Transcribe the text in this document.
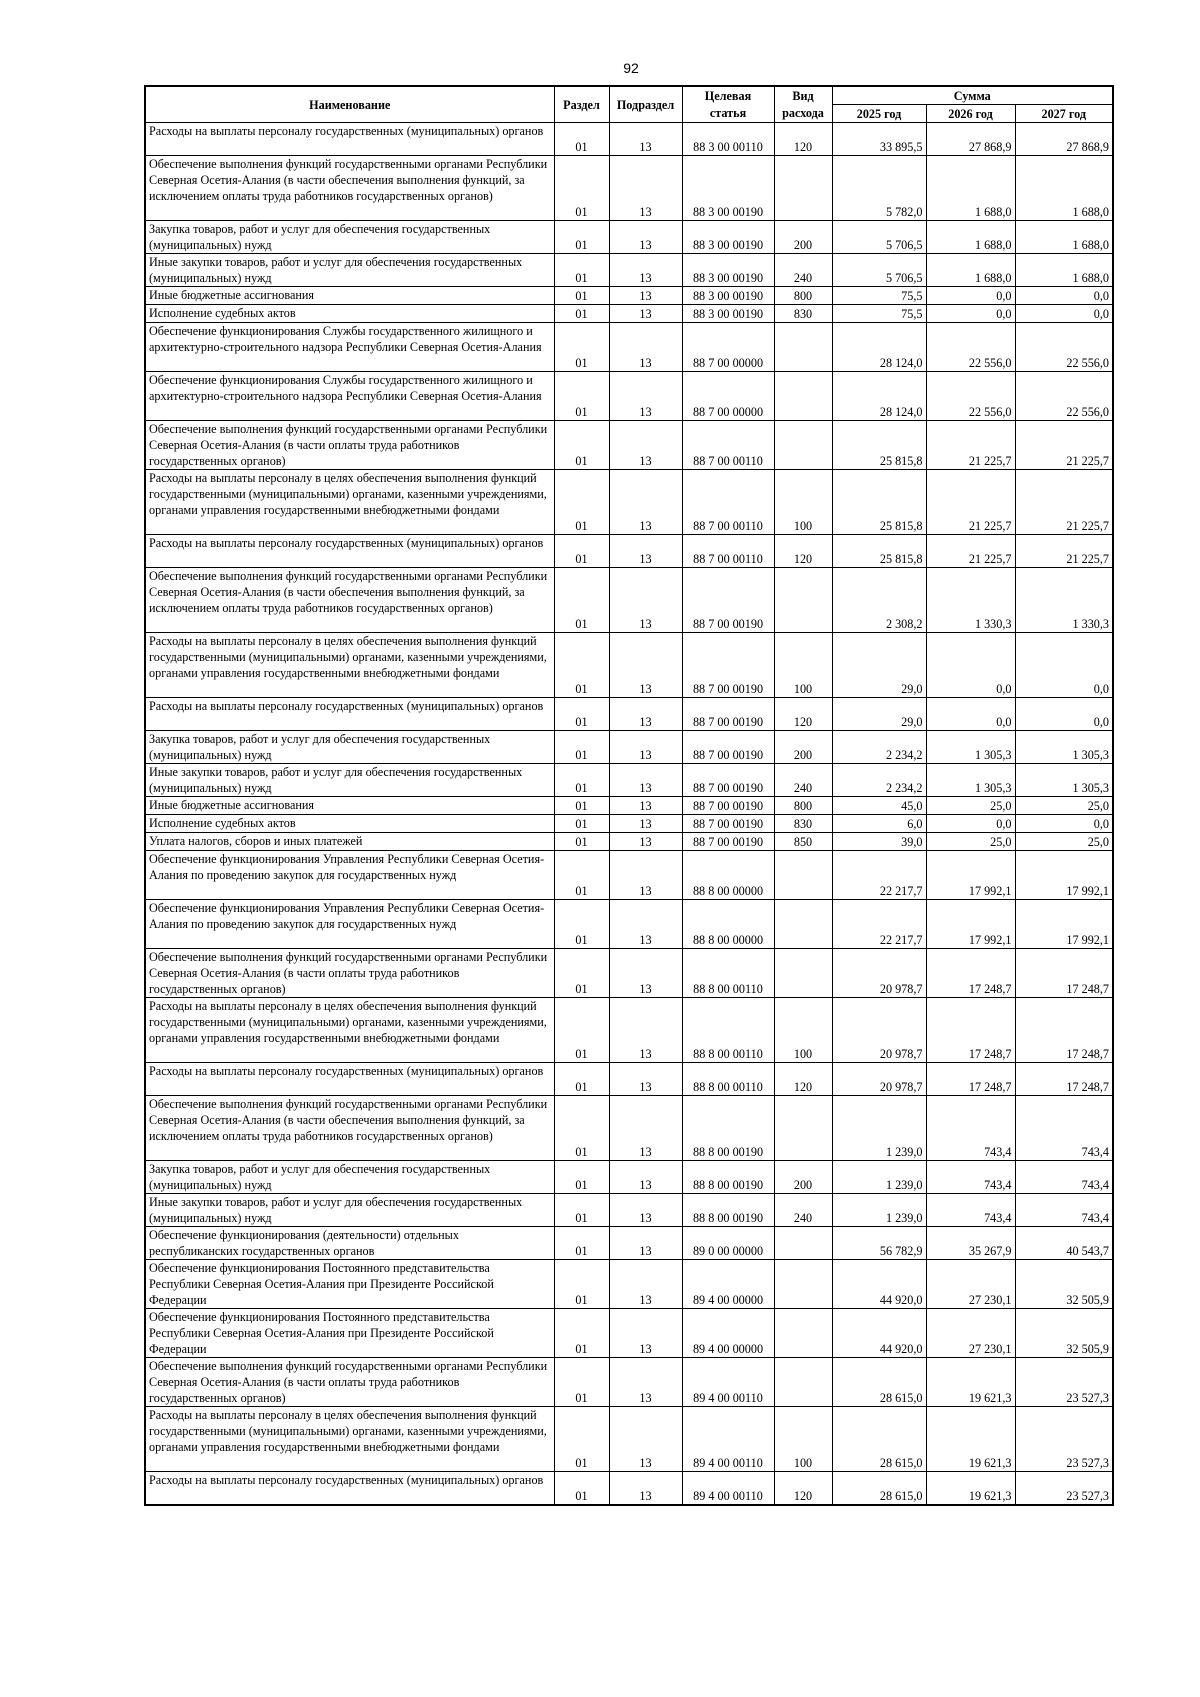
92
Наименование	Раздел	Подраздел	Целевая статья	Вид расхода	Сумма		
					2025 год	2026 год	2027 год
Расходы на выплаты персоналу государственных (муниципальных) органов	01	13	88 3 00 00110	120	33 895,5	27 868,9	27 868,9
Обеспечение выполнения функций государственными органами Республики Северная Осетия-Алания (в части обеспечения выполнения функций, за исключением оплаты труда работников государственных органов)	01	13	88 3 00 00190		5 782,0	1 688,0	1 688,0
Закупка товаров, работ и услуг для обеспечения государственных (муниципальных) нужд	01	13	88 3 00 00190	200	5 706,5	1 688,0	1 688,0
Иные закупки товаров, работ и услуг для обеспечения государственных (муниципальных) нужд	01	13	88 3 00 00190	240	5 706,5	1 688,0	1 688,0
Иные бюджетные ассигнования	01	13	88 3 00 00190	800	75,5	0,0	0,0
Исполнение судебных актов	01	13	88 3 00 00190	830	75,5	0,0	0,0
Обеспечение функционирования Службы государственного жилищного и архитектурно-строительного надзора Республики Северная Осетия-Алания	01	13	88 7 00 00000		28 124,0	22 556,0	22 556,0
Обеспечение функционирования Службы государственного жилищного и архитектурно-строительного надзора Республики Северная Осетия-Алания	01	13	88 7 00 00000		28 124,0	22 556,0	22 556,0
Обеспечение выполнения функций государственными органами Республики Северная Осетия-Алания (в части оплаты труда работников государственных органов)	01	13	88 7 00 00110		25 815,8	21 225,7	21 225,7
Расходы на выплаты персоналу в целях обеспечения выполнения функций государственными (муниципальными) органами, казенными учреждениями, органами управления государственными внебюджетными фондами	01	13	88 7 00 00110	100	25 815,8	21 225,7	21 225,7
Расходы на выплаты персоналу государственных (муниципальных) органов	01	13	88 7 00 00110	120	25 815,8	21 225,7	21 225,7
Обеспечение выполнения функций государственными органами Республики Северная Осетия-Алания (в части обеспечения выполнения функций, за исключением оплаты труда работников государственных органов)	01	13	88 7 00 00190		2 308,2	1 330,3	1 330,3
Расходы на выплаты персоналу в целях обеспечения выполнения функций государственными (муниципальными) органами, казенными учреждениями, органами управления государственными внебюджетными фондами	01	13	88 7 00 00190	100	29,0	0,0	0,0
Расходы на выплаты персоналу государственных (муниципальных) органов	01	13	88 7 00 00190	120	29,0	0,0	0,0
Закупка товаров, работ и услуг для обеспечения государственных (муниципальных) нужд	01	13	88 7 00 00190	200	2 234,2	1 305,3	1 305,3
Иные закупки товаров, работ и услуг для обеспечения государственных (муниципальных) нужд	01	13	88 7 00 00190	240	2 234,2	1 305,3	1 305,3
Иные бюджетные ассигнования	01	13	88 7 00 00190	800	45,0	25,0	25,0
Исполнение судебных актов	01	13	88 7 00 00190	830	6,0	0,0	0,0
Уплата налогов, сборов и иных платежей	01	13	88 7 00 00190	850	39,0	25,0	25,0
Обеспечение функционирования Управления Республики Северная Осетия-Алания по проведению закупок для государственных нужд	01	13	88 8 00 00000		22 217,7	17 992,1	17 992,1
Обеспечение функционирования Управления Республики Северная Осетия-Алания по проведению закупок для государственных нужд	01	13	88 8 00 00000		22 217,7	17 992,1	17 992,1
Обеспечение выполнения функций государственными органами Республики Северная Осетия-Алания (в части оплаты труда работников государственных органов)	01	13	88 8 00 00110		20 978,7	17 248,7	17 248,7
Расходы на выплаты персоналу в целях обеспечения выполнения функций государственными (муниципальными) органами, казенными учреждениями, органами управления государственными внебюджетными фондами	01	13	88 8 00 00110	100	20 978,7	17 248,7	17 248,7
Расходы на выплаты персоналу государственных (муниципальных) органов	01	13	88 8 00 00110	120	20 978,7	17 248,7	17 248,7
Обеспечение выполнения функций государственными органами Республики Северная Осетия-Алания (в части обеспечения выполнения функций, за исключением оплаты труда работников государственных органов)	01	13	88 8 00 00190		1 239,0	743,4	743,4
Закупка товаров, работ и услуг для обеспечения государственных (муниципальных) нужд	01	13	88 8 00 00190	200	1 239,0	743,4	743,4
Иные закупки товаров, работ и услуг для обеспечения государственных (муниципальных) нужд	01	13	88 8 00 00190	240	1 239,0	743,4	743,4
Обеспечение функционирования (деятельности) отдельных республиканских государственных органов	01	13	89 0 00 00000		56 782,9	35 267,9	40 543,7
Обеспечение функционирования Постоянного представительства Республики Северная Осетия-Алания при Президенте Российской Федерации	01	13	89 4 00 00000		44 920,0	27 230,1	32 505,9
Обеспечение функционирования Постоянного представительства Республики Северная Осетия-Алания при Президенте Российской Федерации	01	13	89 4 00 00000		44 920,0	27 230,1	32 505,9
Обеспечение выполнения функций государственными органами Республики Северная Осетия-Алания (в части оплаты труда работников государственных органов)	01	13	89 4 00 00110		28 615,0	19 621,3	23 527,3
Расходы на выплаты персоналу в целях обеспечения выполнения функций государственными (муниципальными) органами, казенными учреждениями, органами управления государственными внебюджетными фондами	01	13	89 4 00 00110	100	28 615,0	19 621,3	23 527,3
Расходы на выплаты персоналу государственных (муниципальных) органов	01	13	89 4 00 00110	120	28 615,0	19 621,3	23 527,3
